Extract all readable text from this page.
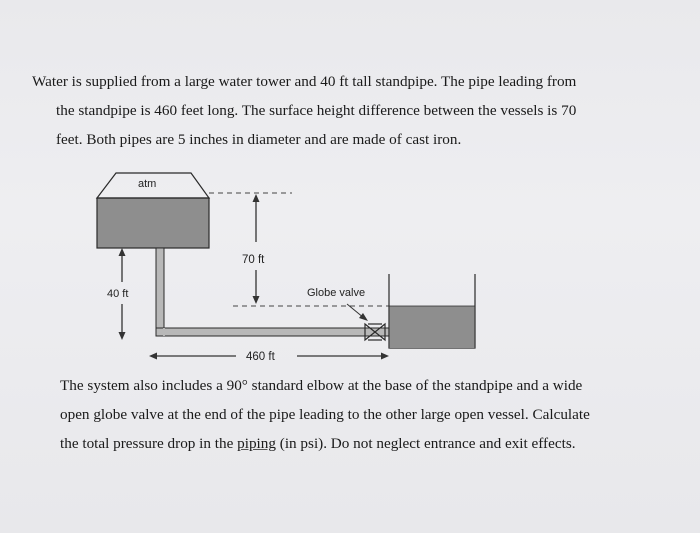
Water is supplied from a large water tower and 40 ft tall standpipe. The pipe leading from
the standpipe is 460 feet long. The surface height difference between the vessels is 70
feet. Both pipes are 5 inches in diameter and are made of cast iron.
atm
40 ft
70 ft
Globe valve
460 ft
The system also includes a 90° standard elbow at the base of the standpipe and a wide
open globe valve at the end of the pipe leading to the other large open vessel. Calculate
the total pressure drop in the piping (in psi). Do not neglect entrance and exit effects.
